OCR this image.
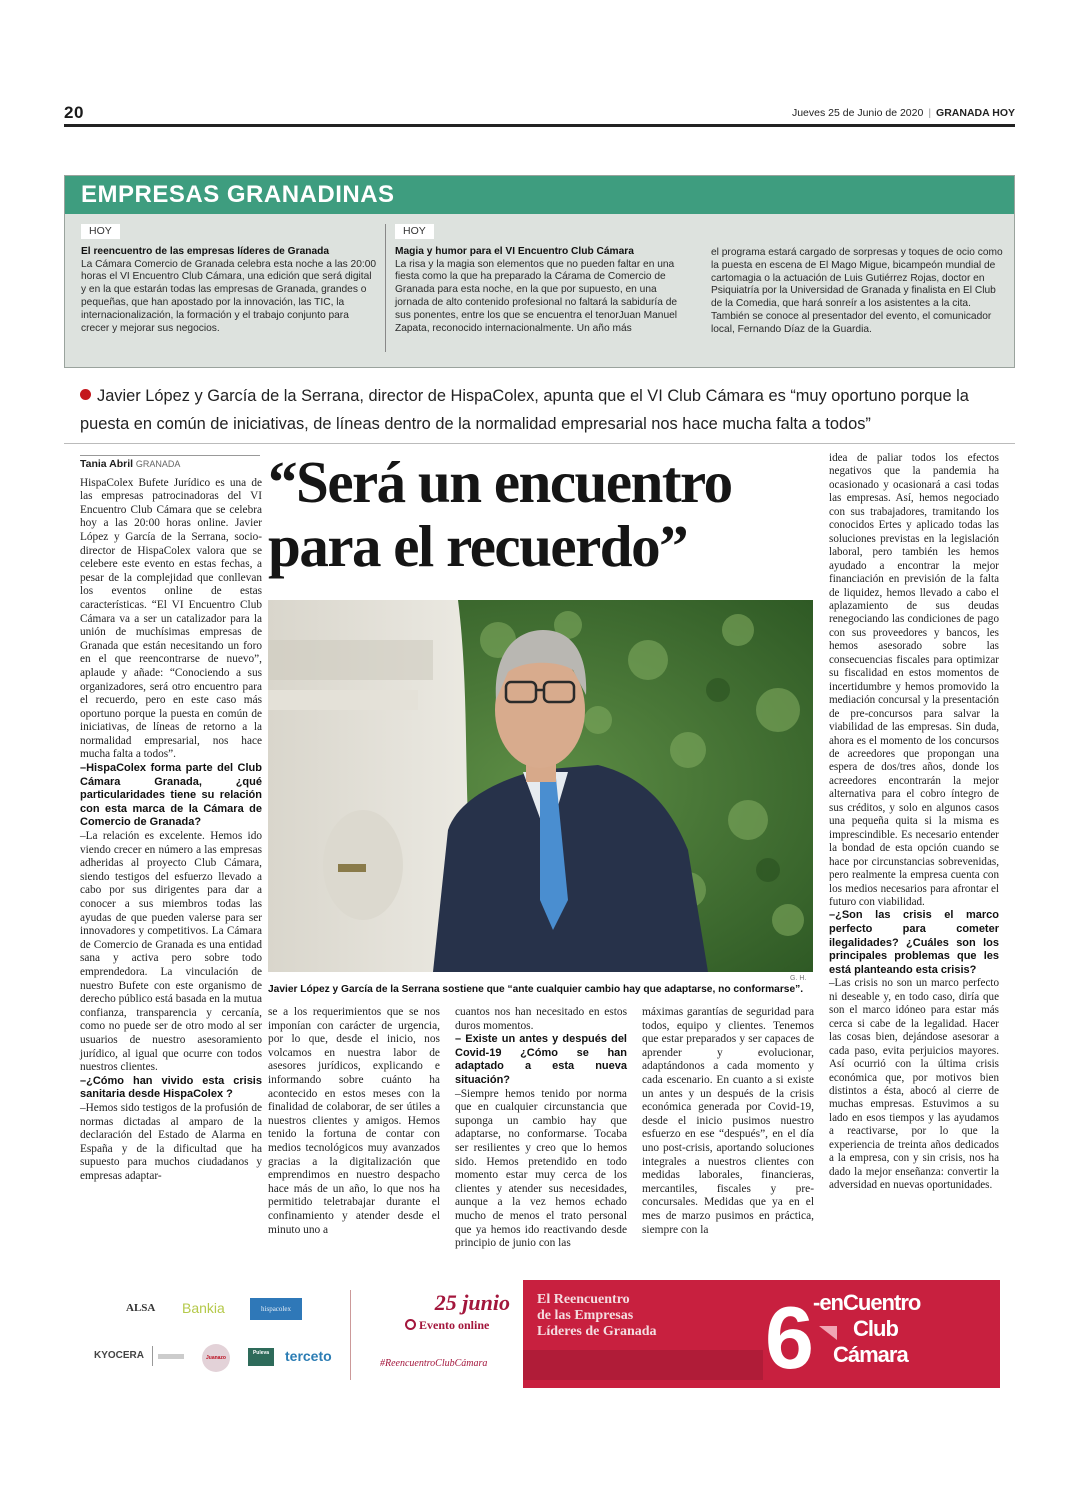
20	Jueves 25 de Junio de 2020 | GRANADA HOY
EMPRESAS GRANADINAS
HOY
El reencuentro de las empresas líderes de Granada
La Cámara Comercio de Granada celebra esta noche a las 20:00 horas el VI Encuentro Club Cámara, una edición que será digital y en la que estarán todas las empresas de Granada, grandes o pequeñas, que han apostado por la innovación, las TIC, la internacionalización, la formación y el trabajo conjunto para crecer y mejorar sus negocios.
HOY
Magia y humor para el VI Encuentro Club Cámara
La risa y la magia son elementos que no pueden faltar en una fiesta como la que ha preparado la Cárama de Comercio de Granada para esta noche, en la que por supuesto, en una jornada de alto contenido profesional no faltará la sabiduría de sus ponentes, entre los que se encuentra el tenorJuan Manuel Zapata, reconocido internacionalmente. Un año más
el programa estará cargado de sorpresas y toques de ocio como la puesta en escena de El Mago Migue, bicampeón mundial de cartomagia o la actuación de Luis Gutiérrez Rojas, doctor en Psiquiatría por la Universidad de Granada y finalista en El Club de la Comedia, que hará sonreír a los asistentes a la cita. También se conoce al presentador del evento, el comunicador local, Fernando Díaz de la Guardia.
Javier López y García de la Serrana, director de HispaColex, apunta que el VI Club Cámara es “muy oportuno porque la puesta en común de iniciativas, de líneas dentro de la normalidad empresarial nos hace mucha falta a todos”
Tania Abril GRANADA

HispaColex Bufete Jurídico es una de las empresas patrocinadoras del VI Encuentro Club Cámara que se celebra hoy a las 20:00 horas online. Javier López y García de la Serrana, socio-director de HispaColex valora que se celebere este evento en estas fechas, a pesar de la complejidad que conllevan los eventos online de estas características. “El VI Encuentro Club Cámara va a ser un catalizador para la unión de muchísimas empresas de Granada que están necesitando un foro en el que reencontrarse de nuevo”, aplaude y añade: “Conociendo a sus organizadores, será otro encuentro para el recuerdo, pero en este caso más oportuno porque la puesta en común de iniciativas, de líneas de retorno a la normalidad empresarial, nos hace mucha falta a todos”.

–HispaColex forma parte del Club Cámara Granada, ¿qué particularidades tiene su relación con esta marca de la Cámara de Comercio de Granada?

–La relación es excelente. Hemos ido viendo crecer en número a las empresas adheridas al proyecto Club Cámara, siendo testigos del esfuerzo llevado a cabo por sus dirigentes para dar a conocer a sus miembros todas las ayudas de que pueden valerse para ser innovadores y competitivos. La Cámara de Comercio de Granada es una entidad sana y activa pero sobre todo emprendedora. La vinculación de nuestro Bufete con este organismo de derecho público está basada en la mutua confianza, transparencia y cercanía, como no puede ser de otro modo al ser usuarios de nuestro asesoramiento jurídico, al igual que ocurre con todos nuestros clientes.

–¿Cómo han vivido esta crisis sanitaria desde HispaColex ?

–Hemos sido testigos de la profusión de normas dictadas al amparo de la declaración del Estado de Alarma en España y de la dificultad que ha supuesto para muchos ciudadanos y empresas adaptar-

“Será un encuentro para el recuerdo”
G. H.
Javier López y García de la Serrana sostiene que “ante cualquier cambio hay que adaptarse, no conformarse”.

se a los requerimientos que se nos imponían con carácter de urgencia, por lo que, desde el inicio, nos volcamos en nuestra labor de asesores jurídicos, explicando e informando sobre cuánto ha acontecido en estos meses con la finalidad de colaborar, de ser útiles a nuestros clientes y amigos. Hemos tenido la fortuna de contar con medios tecnológicos muy avanzados gracias a la digitalización que emprendimos en nuestro despacho hace más de un año, lo que nos ha permitido teletrabajar durante el confinamiento y atender desde el minuto uno a

cuantos nos han necesitado en estos duros momentos.

– Existe un antes y después del Covid-19 ¿Cómo se han adaptado a esta nueva situación?

–Siempre hemos tenido por norma que en cualquier circunstancia que suponga un cambio hay que adaptarse, no conformarse. Tocaba ser resilientes y creo que lo hemos sido. Hemos pretendido en todo momento estar muy cerca de los clientes y atender sus necesidades, aunque a la vez hemos echado mucho de menos el trato personal que ya hemos ido reactivando desde principio de junio con las

máximas garantías de seguridad para todos, equipo y clientes. Tenemos que estar preparados y ser capaces de aprender y evolucionar, adaptándonos a cada momento y cada escenario. En cuanto a si existe un antes y un después de la crisis económica generada por Covid-19, desde el inicio pusimos nuestro esfuerzo en ese “después”, en el día uno post-crisis, aportando soluciones integrales a nuestros clientes con medidas laborales, financieras, mercantiles, fiscales y pre-concursales. Medidas que ya en el mes de marzo pusimos en práctica, siempre con la

idea de paliar todos los efectos negativos que la pandemia ha ocasionado y ocasionará a casi todas las empresas. Así, hemos negociado con sus trabajadores, tramitando los conocidos Ertes y aplicado todas las soluciones previstas en la legislación laboral, pero también les hemos ayudado a encontrar la mejor financiación en previsión de la falta de liquidez, hemos llevado a cabo el aplazamiento de sus deudas renegociando las condiciones de pago con sus proveedores y bancos, les hemos asesorado sobre las consecuencias fiscales para optimizar su fiscalidad en estos momentos de incertidumbre y hemos promovido la mediación concursal y la presentación de pre-concursos para salvar la viabilidad de las empresas. Sin duda, ahora es el momento de los concursos de acreedores que propongan una espera de dos/tres años, donde los acreedores encontrarán la mejor alternativa para el cobro íntegro de sus créditos, y solo en algunos casos una pequeña quita si la misma es imprescindible. Es necesario entender la bondad de esta opción cuando se hace por circunstancias sobrevenidas, pero realmente la empresa cuenta con los medios necesarios para afrontar el futuro con viabilidad.

–¿Son las crisis el marco perfecto para cometer ilegalidades? ¿Cuáles son los principales problemas que les está planteando esta crisis?

–Las crisis no son un marco perfecto ni deseable y, en todo caso, diría que son el marco idóneo para estar más cerca si cabe de la legalidad. Hacer las cosas bien, dejándose asesorar a cada paso, evita perjuicios mayores. Así ocurrió con la última crisis económica que, por motivos bien distintos a ésta, abocó al cierre de muchas empresas. Estuvimos a su lado en esos tiempos y las ayudamos a reactivarse, por lo que la experiencia de treinta años dedicados a la empresa, con y sin crisis, nos ha dado la mejor enseñanza: convertir la adversidad en nuevas oportunidades.

ALSA Bankia	hispacolex
KYOCERA	Juanazo
Puleva	terceto
25 junio
Evento online
#ReencuentroClubCámara
El Reencuentro
de las Empresas
Líderes de Granada 6 -enCuentro
Club
Cámara
